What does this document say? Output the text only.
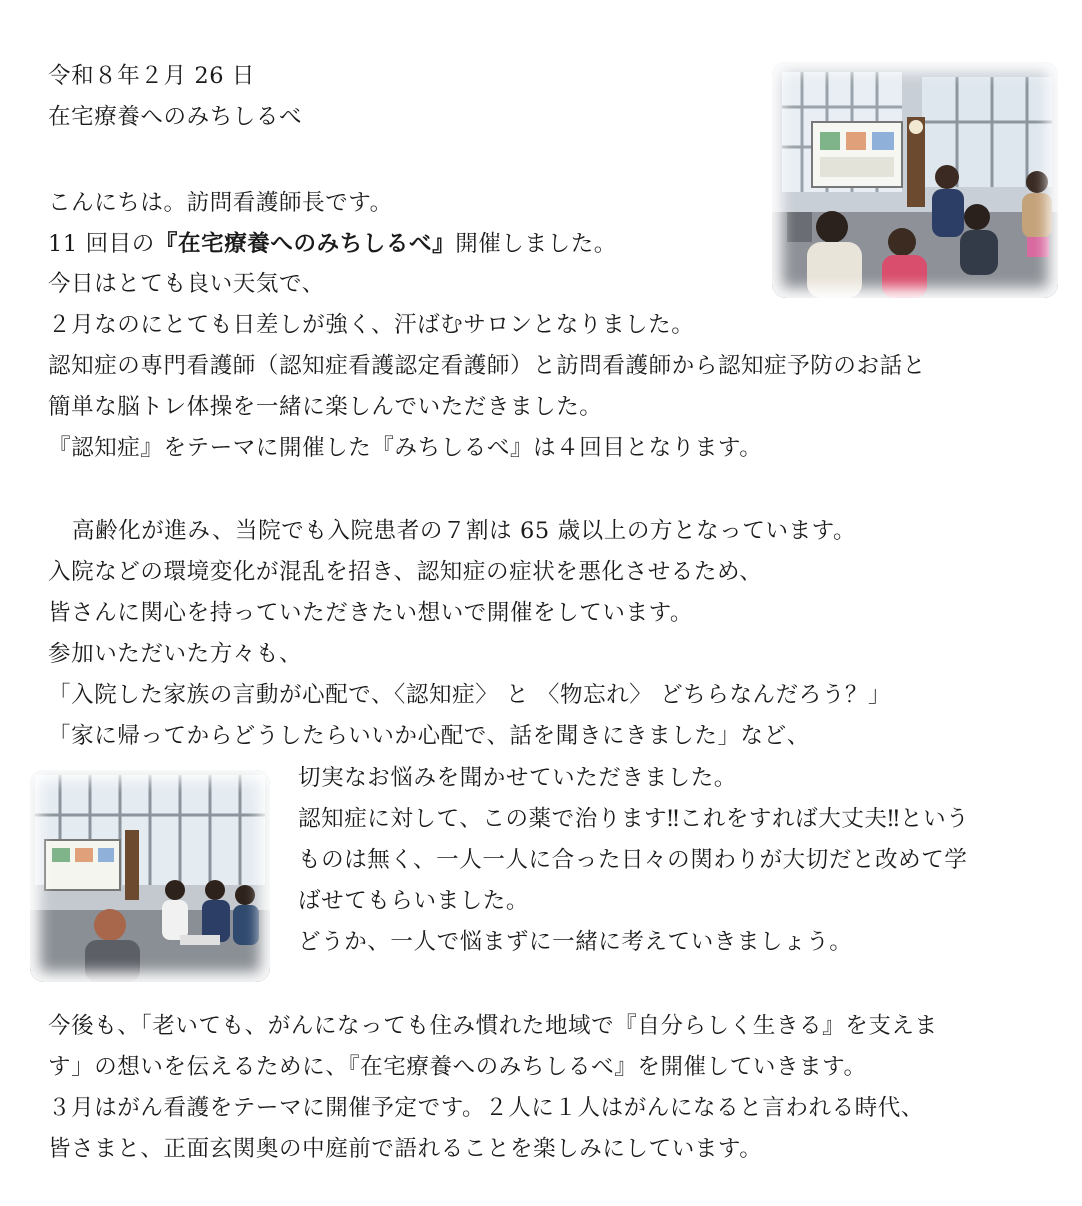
令和８年２月 26 日
在宅療養へのみちしるべ
こんにちは。訪問看護師長です。
11 回目の『在宅療養へのみちしるべ』開催しました。
今日はとても良い天気で、
２月なのにとても日差しが強く、汗ばむサロンとなりました。
認知症の専門看護師（認知症看護認定看護師）と訪問看護師から認知症予防のお話と
簡単な脳トレ体操を一緒に楽しんでいただきました。
『認知症』をテーマに開催した『みちしるべ』は４回目となります。
高齢化が進み、当院でも入院患者の７割は 65 歳以上の方となっています。
入院などの環境変化が混乱を招き、認知症の症状を悪化させるため、
皆さんに関心を持っていただきたい想いで開催をしています。
参加いただいた方々も、
「入院した家族の言動が心配で、〈認知症〉 と 〈物忘れ〉 どちらなんだろう？」
「家に帰ってからどうしたらいいか心配で、話を聞きにきました」など、
切実なお悩みを聞かせていただきました。
認知症に対して、この薬で治ります‼これをすれば大丈夫‼という
ものは無く、一人一人に合った日々の関わりが大切だと改めて学
ばせてもらいました。
どうか、一人で悩まずに一緒に考えていきましょう。
今後も、「老いても、がんになっても住み慣れた地域で『自分らしく生きる』を支えま
す」の想いを伝えるために、『在宅療養へのみちしるべ』を開催していきます。
３月はがん看護をテーマに開催予定です。２人に１人はがんになると言われる時代、
皆さまと、正面玄関奥の中庭前で語れることを楽しみにしています。
